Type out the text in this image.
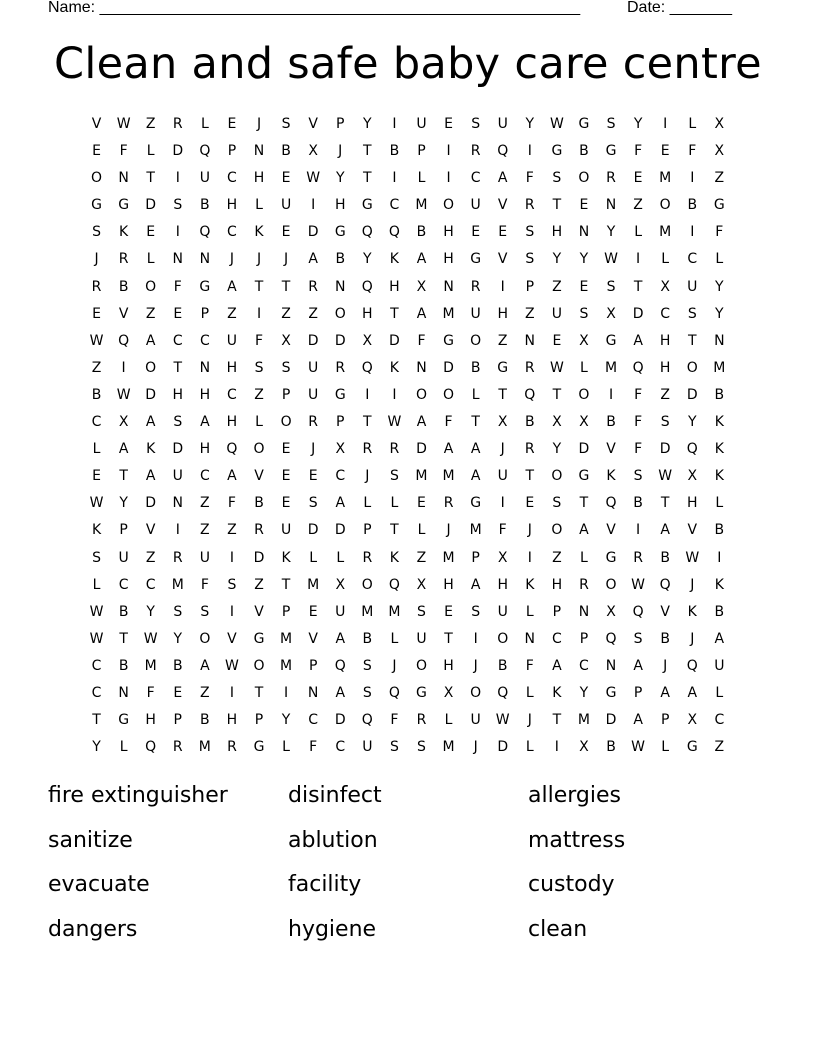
Name: ______________________________________________________

	Date: _______

Clean and safe baby care centre
V	W	Z	R	L	E	J	S	V	P	Y	I	U	E	S	U	Y	W	G	S	Y	I	L	X
E	F	L	D	Q	P	N	B	X	J	T	B	P	I	R	Q	I	G	B	G	F	E	F	X
O	N	T	I	U	C	H	E	W	Y	T	I	L	I	C	A	F	S	O	R	E	M	I	Z
G	G	D	S	B	H	L	U	I	H	G	C	M	O	U	V	R	T	E	N	Z	O	B	G
S	K	E	I	Q	C	K	E	D	G	Q	Q	B	H	E	E	S	H	N	Y	L	M	I	F
J	R	L	N	N	J	J	J	A	B	Y	K	A	H	G	V	S	Y	Y	W	I	L	C	L
R	B	O	F	G	A	T	T	R	N	Q	H	X	N	R	I	P	Z	E	S	T	X	U	Y
E	V	Z	E	P	Z	I	Z	Z	O	H	T	A	M	U	H	Z	U	S	X	D	C	S	Y
W	Q	A	C	C	U	F	X	D	D	X	D	F	G	O	Z	N	E	X	G	A	H	T	N
Z	I	O	T	N	H	S	S	U	R	Q	K	N	D	B	G	R	W	L	M	Q	H	O	M
B	W	D	H	H	C	Z	P	U	G	I	I	O	O	L	T	Q	T	O	I	F	Z	D	B
C	X	A	S	A	H	L	O	R	P	T	W	A	F	T	X	B	X	X	B	F	S	Y	K
L	A	K	D	H	Q	O	E	J	X	R	R	D	A	A	J	R	Y	D	V	F	D	Q	K
E	T	A	U	C	A	V	E	E	C	J	S	M	M	A	U	T	O	G	K	S	W	X	K
W	Y	D	N	Z	F	B	E	S	A	L	L	E	R	G	I	E	S	T	Q	B	T	H	L
K	P	V	I	Z	Z	R	U	D	D	P	T	L	J	M	F	J	O	A	V	I	A	V	B
S	U	Z	R	U	I	D	K	L	L	R	K	Z	M	P	X	I	Z	L	G	R	B	W	I
L	C	C	M	F	S	Z	T	M	X	O	Q	X	H	A	H	K	H	R	O	W	Q	J	K
W	B	Y	S	S	I	V	P	E	U	M	M	S	E	S	U	L	P	N	X	Q	V	K	B
W	T	W	Y	O	V	G	M	V	A	B	L	U	T	I	O	N	C	P	Q	S	B	J	A
C	B	M	B	A	W	O	M	P	Q	S	J	O	H	J	B	F	A	C	N	A	J	Q	U
C	N	F	E	Z	I	T	I	N	A	S	Q	G	X	O	Q	L	K	Y	G	P	A	A	L
T	G	H	P	B	H	P	Y	C	D	Q	F	R	L	U	W	J	T	M	D	A	P	X	C
Y	L	Q	R	M	R	G	L	F	C	U	S	S	M	J	D	L	I	X	B	W	L	G	Z
fire extinguisher	disinfect	allergies
sanitize	ablution	mattress
evacuate	facility	custody
dangers	hygiene	clean
